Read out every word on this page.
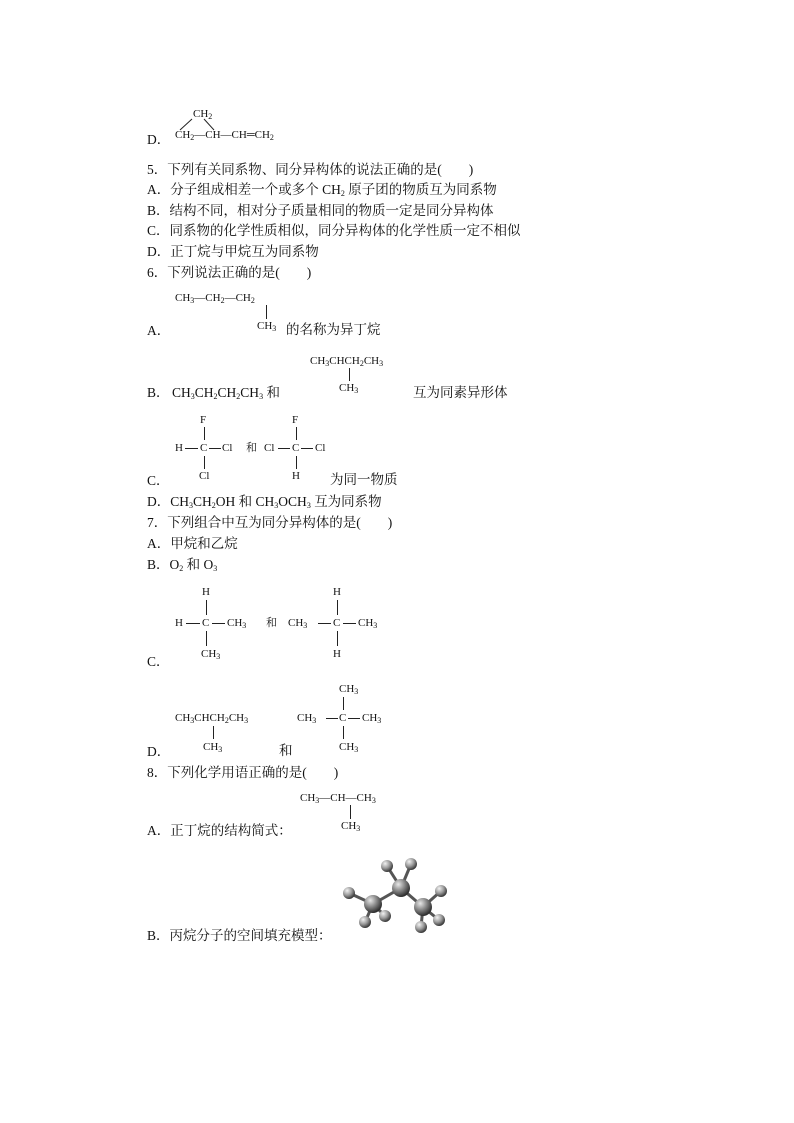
$CH_2$
D． $CH_2—CH—CH═CH_2$
5．下列有关同系物、同分异构体的说法正确的是(　　)
A．分子组成相差一个或多个 $CH_2$ 原子团的物质互为同系物
B．结构不同，相对分子质量相同的物质一定是同分异构体
C．同系物的化学性质相似，同分异构体的化学性质一定不相似
D．正丁烷与甲烷互为同系物
6．下列说法正确的是(　　)
$CH_3—CH_2—CH_2$
$CH_3$
A．	的名称为异丁烷
$CH_3CHCH_2CH_3$
$CH_3$
B． $CH_3CH_2CH_2CH_3$ 和	互为同素异形体
F
H C Cl
Cl
和
F
Cl C Cl
H
C．	为同一物质
D．$CH_3CH_2OH$ 和 $CH_3OCH_3$ 互为同系物
7．下列组合中互为同分异构体的是(　　)
A．甲烷和乙烷
B．$O_2$ 和 $O_3$
H
H C $CH_3$
$CH_3$
和
H
$CH_3$ C $CH_3$
H
C．
$CH_3CHCH_2CH_3$
$CH_3$
$CH_3$
$CH_3$ C $CH_3$
$CH_3$
D．	和
8．下列化学用语正确的是(　　)
$CH_3—CH—CH_3$
$CH_3$
A．正丁烷的结构简式：
B．丙烷分子的空间填充模型：
